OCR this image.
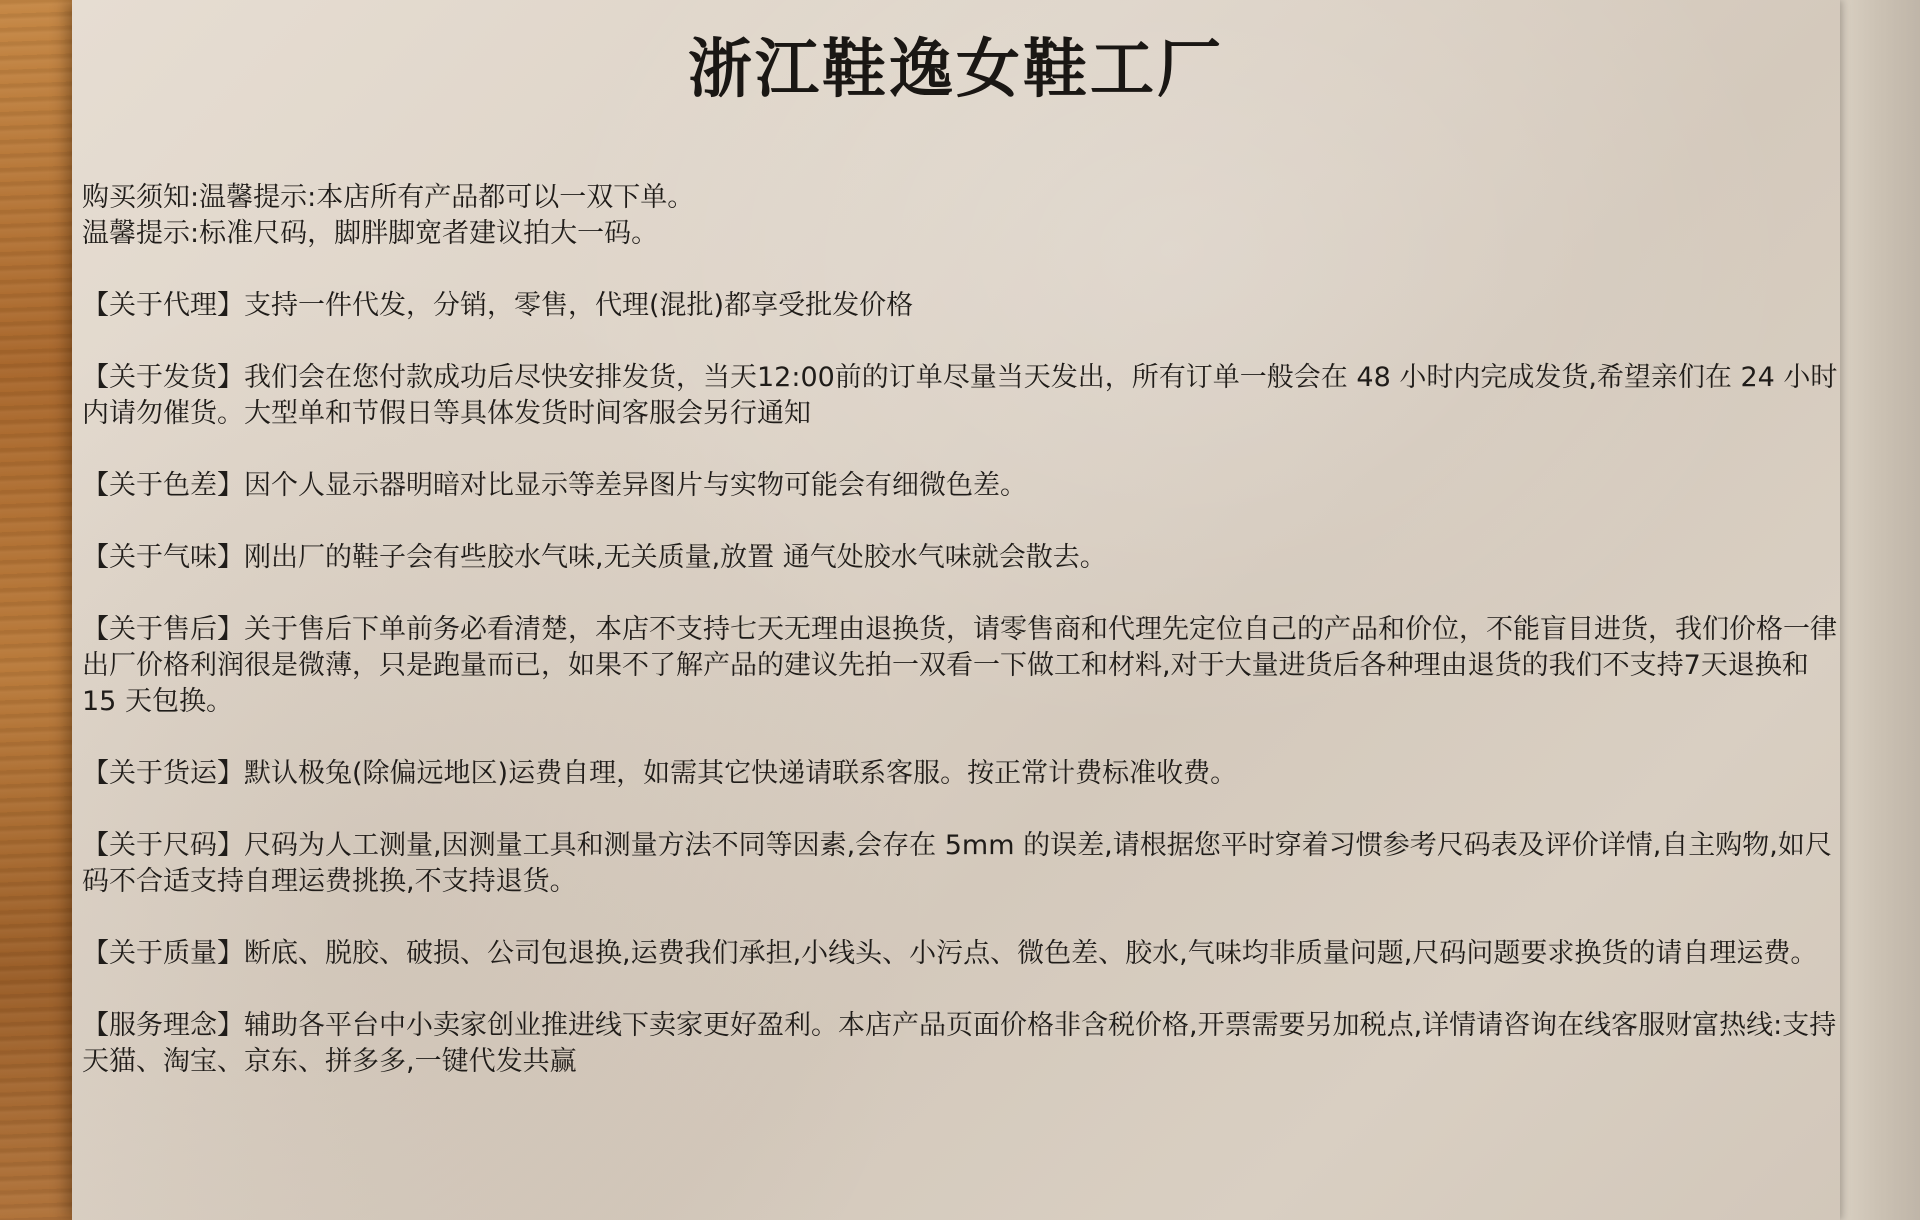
浙江鞋逸女鞋工厂

购买须知:温馨提示:本店所有产品都可以一双下单。

温馨提示:标准尺码，脚胖脚宽者建议拍大一码。

【关于代理】支持一件代发，分销，零售，代理(混批)都享受批发价格

【关于发货】我们会在您付款成功后尽快安排发货，当天12:00前的订单尽量当天发出，所有订单一般会在 48 小时内完成发货,希望亲们在 24 小时内请勿催货。大型单和节假日等具体发货时间客服会另行通知

【关于色差】因个人显示器明暗对比显示等差异图片与实物可能会有细微色差。

【关于气味】刚出厂的鞋子会有些胶水气味,无关质量,放置 通气处胶水气味就会散去。

【关于售后】关于售后下单前务必看清楚，本店不支持七天无理由退换货，请零售商和代理先定位自己的产品和价位，不能盲目进货，我们价格一律出厂价格利润很是微薄，只是跑量而已，如果不了解产品的建议先拍一双看一下做工和材料,对于大量进货后各种理由退货的我们不支持7天退换和 15 天包换。

【关于货运】默认极兔(除偏远地区)运费自理，如需其它快递请联系客服。按正常计费标准收费。

【关于尺码】尺码为人工测量,因测量工具和测量方法不同等因素,会存在 5mm 的误差,请根据您平时穿着习惯参考尺码表及评价详情,自主购物,如尺码不合适支持自理运费挑换,不支持退货。

【关于质量】断底、脱胶、破损、公司包退换,运费我们承担,小线头、小污点、微色差、胶水,气味均非质量问题,尺码问题要求换货的请自理运费。

【服务理念】辅助各平台中小卖家创业推进线下卖家更好盈利。本店产品页面价格非含税价格,开票需要另加税点,详情请咨询在线客服财富热线:支持天猫、淘宝、京东、拼多多,一键代发共赢
